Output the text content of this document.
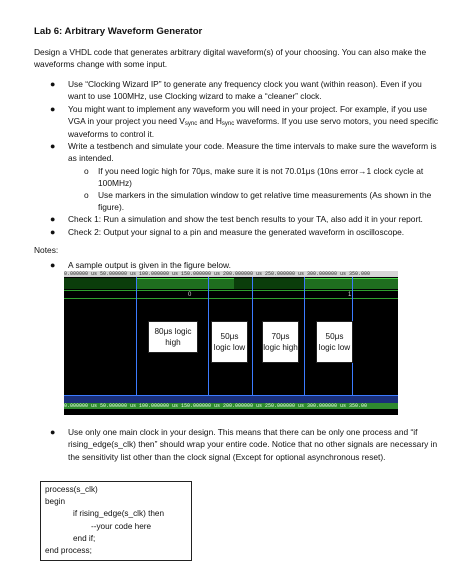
Lab 6: Arbitrary Waveform Generator
Design a VHDL code that generates arbitrary digital waveform(s) of your choosing. You can also make the waveforms change with some input.
● Use “Clocking Wizard IP” to generate any frequency clock you want (within reason). Even if you want to use 100MHz, use Clocking wizard to make a “cleaner” clock.
● You might want to implement any waveform you will need in your project. For example, if you use VGA in your project you need $V_{sync}$ and $H_{sync}$ waveforms. If you use servo motors, you need specific waveforms to control it.
● Write a testbench and simulate your code. Measure the time intervals to make sure the waveform is as intended.
o If you need logic high for 70μs, make sure it is not 70.01μs (10ns error→1 clock cycle at 100MHz)
o Use markers in the simulation window to get relative time measurements (As shown in the figure).
● Check 1: Run a simulation and show the test bench results to your TA, also add it in your report.
● Check 2: Output your signal to a pin and measure the generated waveform in oscilloscope.
Notes:
● A sample output is given in the figure below.
0.000000 us 50.000000 us 100.000000 us 150.000000 us 200.000000 us 250.000000 us 300.000000 us 350.000
0	1
80μs logic high
50μs logic low
70μs logic high
50μs logic low
0.000000 us 50.000000 us 100.000000 us 150.000000 us 200.000000 us 250.000000 us 300.000000 us 350.00
● Use only one main clock in your design. This means that there can be only one process and “if rising_edge(s_clk) then” should wrap your entire code. Notice that no other signals are necessary in the sensitivity list other than the clock signal (Except for optional asynchronous reset).
process(s_clk)
begin
if rising_edge(s_clk) then
--your code here
end if;
end process;
